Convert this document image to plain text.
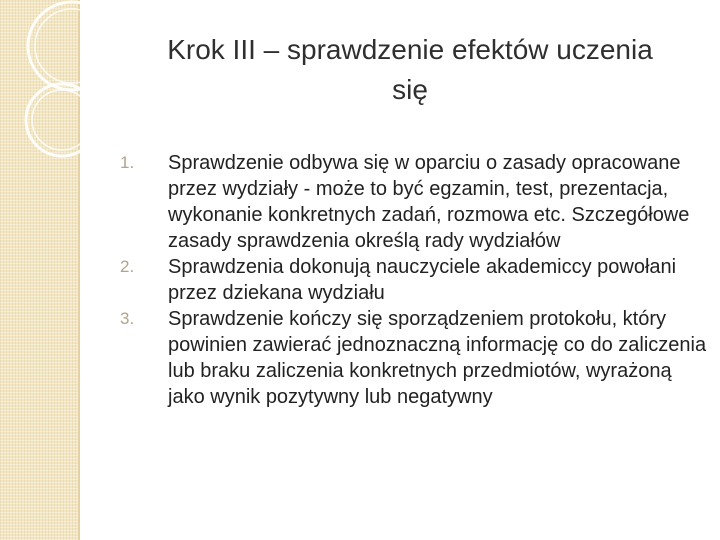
Krok III – sprawdzenie efektów uczenia
się
1.	Sprawdzenie odbywa się w oparciu o zasady opracowane przez wydziały - może to być egzamin, test, prezentacja, wykonanie konkretnych zadań, rozmowa etc. Szczegółowe zasady sprawdzenia określą rady wydziałów
2.	Sprawdzenia dokonują nauczyciele akademiccy powołani przez dziekana wydziału
3.	Sprawdzenie kończy się sporządzeniem protokołu, który powinien zawierać jednoznaczną informację co do zaliczenia lub braku zaliczenia konkretnych przedmiotów, wyrażoną jako wynik pozytywny lub negatywny
